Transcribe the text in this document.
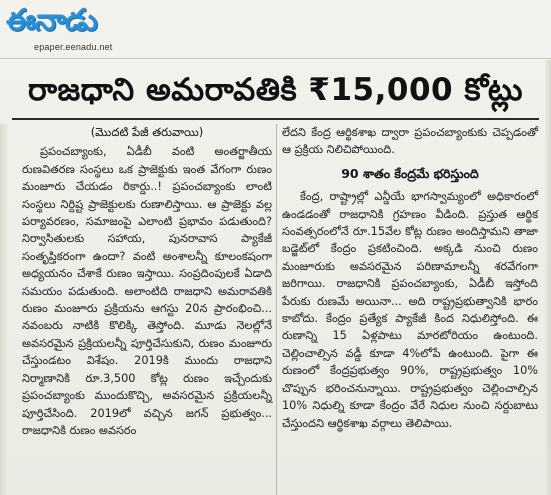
ఈనాడు
epaper.eenadu.net
రాజధాని అమరావతికి ₹15,000 కోట్లు
(మొదటి పేజీ తరువాయి)
ప్రపంచబ్యాంకు, ఏడీబీ వంటి అంతర్జాతీయ రుణవితరణ సంస్థలు ఒక ప్రాజెక్టుకు ఇంత వేగంగా రుణం మంజూరు చేయడం రికార్డు..! ప్రపంచబ్యాంకు లాంటి సంస్థలు నిర్దిష్ట ప్రాజెక్టులకు రుణాలిస్తాయి. ఆ ప్రాజెక్టు వల్ల పర్యావరణం, సమాజంపై ఎలాంటి ప్రభావం పడుతుంది? నిర్వాసితులకు సహాయ, పునరావాస ప్యాకేజీ సంతృప్తికరంగా ఉందా? వంటి అంశాలన్నీ కూలంకషంగా అధ్యయనం చేశాకే రుణం ఇస్తాయి. సంప్రదింపులకే ఏడాది సమయం పడుతుంది. అలాంటిది రాజధాని అమరావతికి రుణం మంజూరు ప్రక్రియను ఆగస్టు 20న ప్రారంభించి... నవంబరు నాటికి కొలిక్కి తెస్తోంది. మూడు నెలల్లోనే అవసరమైన ప్రక్రియలన్నీ పూర్తిచేసుకుని, రుణం మంజూరు చేస్తుండటం విశేషం. 2019కి ముందు రాజధాని నిర్మాణానికి రూ.3,500 కోట్ల రుణం ఇచ్చేందుకు ప్రపంచబ్యాంకు ముందుకొచ్చి, అవసరమైన ప్రక్రియలన్నీ పూర్తిచేసింది. 2019లో వచ్చిన జగన్ ప్రభుత్వం... రాజధానికి రుణం అవసరం
లేదని కేంద్ర ఆర్థికశాఖ ద్వారా ప్రపంచబ్యాంకుకు చెప్పడంతో ఆ ప్రక్రియ నిలిచిపోయింది.
90 శాతం కేంద్రమే భరిస్తుంది
కేంద్ర, రాష్ట్రాల్లో ఎన్డీయే భాగస్వామ్యంలో అధికారంలో ఉండడంతో రాజధానికి గ్రహణం వీడింది. ప్రస్తుత ఆర్థిక సంవత్సరంలోనే రూ.15వేల కోట్ల రుణం అందిస్తామని తాజా బడ్జెట్‌లో కేంద్రం ప్రకటించింది. అక్కడి నుంచి రుణం మంజూరుకు అవసరమైన పరిణామాలన్నీ శరవేగంగా జరిగాయి. రాజధానికి ప్రపంచబ్యాంకు, ఏడీబీ ఇస్తోంది పేరుకు రుణమే అయినా... అది రాష్ట్రప్రభుత్వానికి భారం కాబోదు. కేంద్రం ప్రత్యేక ప్యాకేజీ కింద నిధులిస్తోంది. ఈ రుణాన్ని 15 ఏళ్లపాటు మారటోరియం ఉంటుంది. చెల్లించాల్సిన వడ్డీ కూడా 4%లోపే ఉంటుంది. పైగా ఈ రుణంలో కేంద్రప్రభుత్వం 90%, రాష్ట్రప్రభుత్వం 10% చొప్పున భరించనున్నాయి. రాష్ట్రప్రభుత్వం చెల్లించాల్సిన 10% నిధుల్ని కూడా కేంద్రం వేరే నిధుల నుంచి సర్దుబాటు చేస్తుందని ఆర్థికశాఖ వర్గాలు తెలిపాయి.
